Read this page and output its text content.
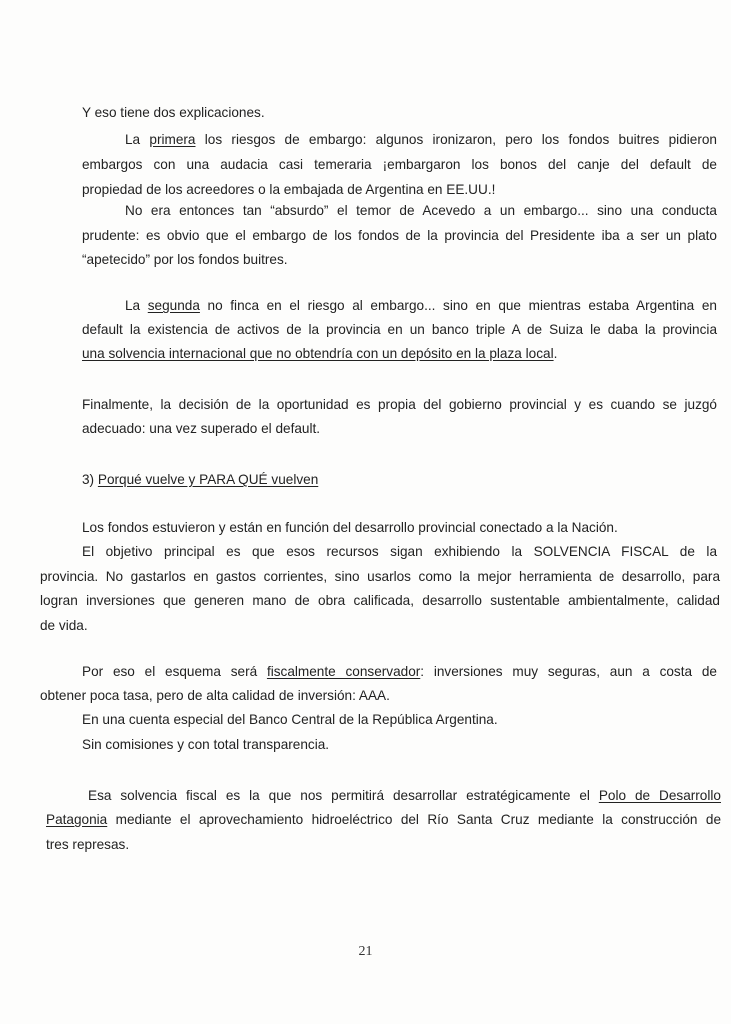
Y eso tiene dos explicaciones.
La primera los riesgos de embargo: algunos ironizaron, pero los fondos buitres pidieron
embargos con una audacia casi temeraria ¡embargaron los bonos del canje del default de
propiedad de los acreedores o la embajada de Argentina en EE.UU.!
No era entonces tan “absurdo” el temor de Acevedo a un embargo... sino una conducta
prudente: es obvio que el embargo de los fondos de la provincia del Presidente iba a ser un plato
“apetecido” por los fondos buitres.
La segunda no finca en el riesgo al embargo... sino en que mientras estaba Argentina en
default la existencia de activos de la provincia en un banco triple A de Suiza le daba la provincia
una solvencia internacional que no obtendría con un depósito en la plaza local.
Finalmente, la decisión de la oportunidad es propia del gobierno provincial y es cuando se juzgó
adecuado: una vez superado el default.
3) Porqué vuelve y PARA QUÉ vuelven
Los fondos estuvieron y están en función del desarrollo provincial conectado a la Nación.
El objetivo principal es que esos recursos sigan exhibiendo la SOLVENCIA FISCAL de la
provincia. No gastarlos en gastos corrientes, sino usarlos como la mejor herramienta de desarrollo, para
logran inversiones que generen mano de obra calificada, desarrollo sustentable ambientalmente, calidad
de vida.
Por eso el esquema será fiscalmente conservador: inversiones muy seguras, aun a costa de
obtener poca tasa, pero de alta calidad de inversión: AAA.
En una cuenta especial del Banco Central de la República Argentina.
Sin comisiones y con total transparencia.
Esa solvencia fiscal es la que nos permitirá desarrollar estratégicamente el Polo de Desarrollo
Patagonia mediante el aprovechamiento hidroeléctrico del Río Santa Cruz mediante la construcción de
tres represas.
21
